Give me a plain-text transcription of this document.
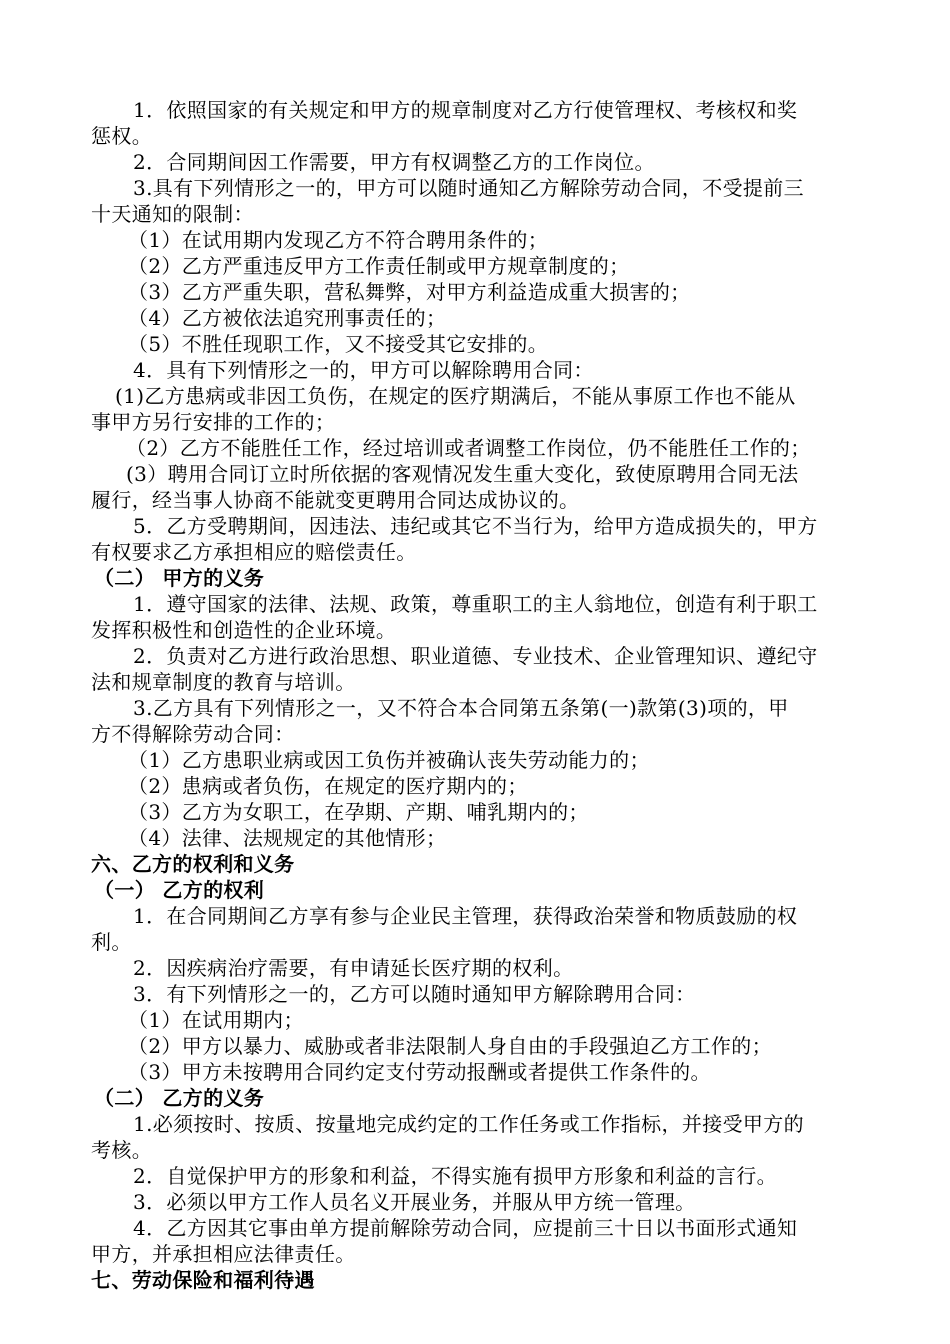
1．依照国家的有关规定和甲方的规章制度对乙方行使管理权、考核权和奖
惩权。
2．合同期间因工作需要，甲方有权调整乙方的工作岗位。
3.具有下列情形之一的，甲方可以随时通知乙方解除劳动合同，不受提前三
十天通知的限制：
（1）在试用期内发现乙方不符合聘用条件的；
（2）乙方严重违反甲方工作责任制或甲方规章制度的；
（3）乙方严重失职，营私舞弊，对甲方利益造成重大损害的；
（4）乙方被依法追究刑事责任的；
（5）不胜任现职工作，又不接受其它安排的。
4．具有下列情形之一的，甲方可以解除聘用合同：
(1)乙方患病或非因工负伤，在规定的医疗期满后，不能从事原工作也不能从
事甲方另行安排的工作的；
（2）乙方不能胜任工作，经过培训或者调整工作岗位，仍不能胜任工作的；
(3）聘用合同订立时所依据的客观情况发生重大变化，致使原聘用合同无法
履行，经当事人协商不能就变更聘用合同达成协议的。
5．乙方受聘期间，因违法、违纪或其它不当行为，给甲方造成损失的，甲方
有权要求乙方承担相应的赔偿责任。
（二） 甲方的义务
1．遵守国家的法律、法规、政策，尊重职工的主人翁地位，创造有利于职工
发挥积极性和创造性的企业环境。
2．负责对乙方进行政治思想、职业道德、专业技术、企业管理知识、遵纪守
法和规章制度的教育与培训。
3.乙方具有下列情形之一，又不符合本合同第五条第(一)款第(3)项的，甲
方不得解除劳动合同：
（1）乙方患职业病或因工负伤并被确认丧失劳动能力的；
（2）患病或者负伤，在规定的医疗期内的；
（3）乙方为女职工，在孕期、产期、哺乳期内的；
（4）法律、法规规定的其他情形；
六、乙方的权利和义务
（一） 乙方的权利
1．在合同期间乙方享有参与企业民主管理，获得政治荣誉和物质鼓励的权
利。
2．因疾病治疗需要，有申请延长医疗期的权利。
3．有下列情形之一的，乙方可以随时通知甲方解除聘用合同：
（1）在试用期内；
（2）甲方以暴力、威胁或者非法限制人身自由的手段强迫乙方工作的；
（3）甲方未按聘用合同约定支付劳动报酬或者提供工作条件的。
（二） 乙方的义务
1.必须按时、按质、按量地完成约定的工作任务或工作指标，并接受甲方的
考核。
2．自觉保护甲方的形象和利益，不得实施有损甲方形象和利益的言行。
3．必须以甲方工作人员名义开展业务，并服从甲方统一管理。
4．乙方因其它事由单方提前解除劳动合同，应提前三十日以书面形式通知
甲方，并承担相应法律责任。
七、劳动保险和福利待遇
